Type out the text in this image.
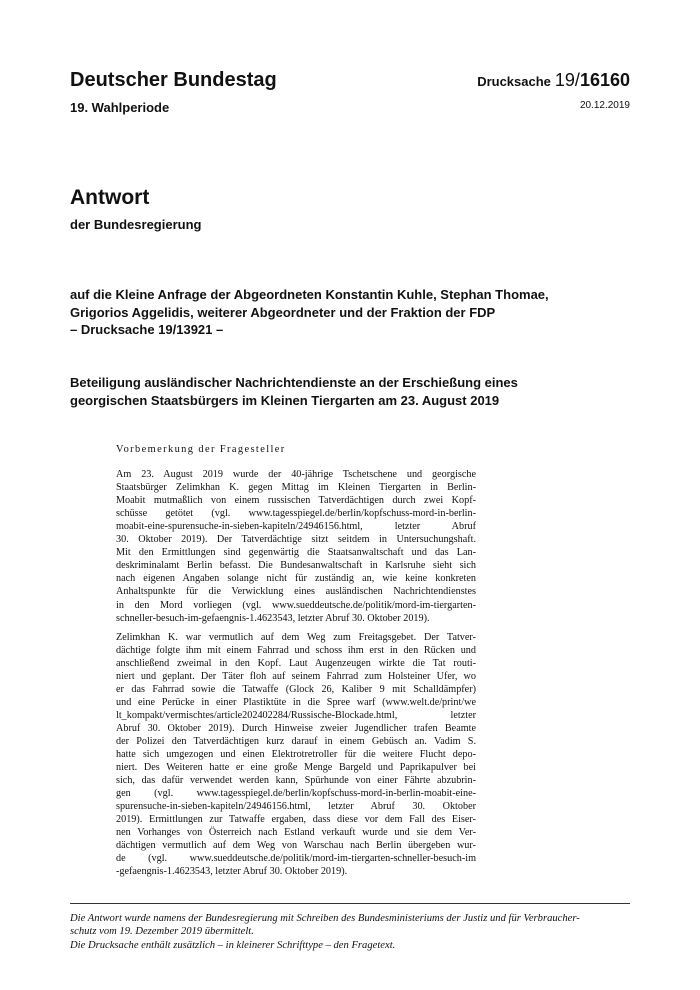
Deutscher Bundestag
19. Wahlperiode
Drucksache 19/16160
20.12.2019
Antwort
der Bundesregierung
auf die Kleine Anfrage der Abgeordneten Konstantin Kuhle, Stephan Thomae,
Grigorios Aggelidis, weiterer Abgeordneter und der Fraktion der FDP
– Drucksache 19/13921 –
Beteiligung ausländischer Nachrichtendienste an der Erschießung eines
georgischen Staatsbürgers im Kleinen Tiergarten am 23. August 2019
Vorbemerkung der Fragesteller
Am 23. August 2019 wurde der 40-jährige Tschetschene und georgische
Staatsbürger Zelimkhan K. gegen Mittag im Kleinen Tiergarten in Berlin-
Moabit mutmaßlich von einem russischen Tatverdächtigen durch zwei Kopf-
schüsse getötet (vgl. www.tagesspiegel.de/berlin/kopfschuss-mord-in-berlin-
moabit-eine-spurensuche-in-sieben-kapiteln/24946156.html, letzter Abruf
30. Oktober 2019). Der Tatverdächtige sitzt seitdem in Untersuchungshaft.
Mit den Ermittlungen sind gegenwärtig die Staatsanwaltschaft und das Lan-
deskriminalamt Berlin befasst. Die Bundesanwaltschaft in Karlsruhe sieht sich
nach eigenen Angaben solange nicht für zuständig an, wie keine konkreten
Anhaltspunkte für die Verwicklung eines ausländischen Nachrichtendienstes
in den Mord vorliegen (vgl. www.sueddeutsche.de/politik/mord-im-tiergarten-
schneller-besuch-im-gefaengnis-1.4623543, letzter Abruf 30. Oktober 2019).
Zelimkhan K. war vermutlich auf dem Weg zum Freitagsgebet. Der Tatver-
dächtige folgte ihm mit einem Fahrrad und schoss ihm erst in den Rücken und
anschließend zweimal in den Kopf. Laut Augenzeugen wirkte die Tat routi-
niert und geplant. Der Täter floh auf seinem Fahrrad zum Holsteiner Ufer, wo
er das Fahrrad sowie die Tatwaffe (Glock 26, Kaliber 9 mit Schalldämpfer)
und eine Perücke in einer Plastiktüte in die Spree warf (www.welt.de/print/we
lt_kompakt/vermischtes/article202402284/Russische-Blockade.html, letzter
Abruf 30. Oktober 2019). Durch Hinweise zweier Jugendlicher trafen Beamte
der Polizei den Tatverdächtigen kurz darauf in einem Gebüsch an. Vadim S.
hatte sich umgezogen und einen Elektrotretroller für die weitere Flucht depo-
niert. Des Weiteren hatte er eine große Menge Bargeld und Paprikapulver bei
sich, das dafür verwendet werden kann, Spürhunde von einer Fährte abzubrin-
gen (vgl. www.tagesspiegel.de/berlin/kopfschuss-mord-in-berlin-moabit-eine-
spurensuche-in-sieben-kapiteln/24946156.html, letzter Abruf 30. Oktober
2019). Ermittlungen zur Tatwaffe ergaben, dass diese vor dem Fall des Eiser-
nen Vorhanges von Österreich nach Estland verkauft wurde und sie dem Ver-
dächtigen vermutlich auf dem Weg von Warschau nach Berlin übergeben wur-
de (vgl. www.sueddeutsche.de/politik/mord-im-tiergarten-schneller-besuch-im
-gefaengnis-1.4623543, letzter Abruf 30. Oktober 2019).
Die Antwort wurde namens der Bundesregierung mit Schreiben des Bundesministeriums der Justiz und für Verbraucher-
schutz vom 19. Dezember 2019 übermittelt.
Die Drucksache enthält zusätzlich – in kleinerer Schrifttype – den Fragetext.
